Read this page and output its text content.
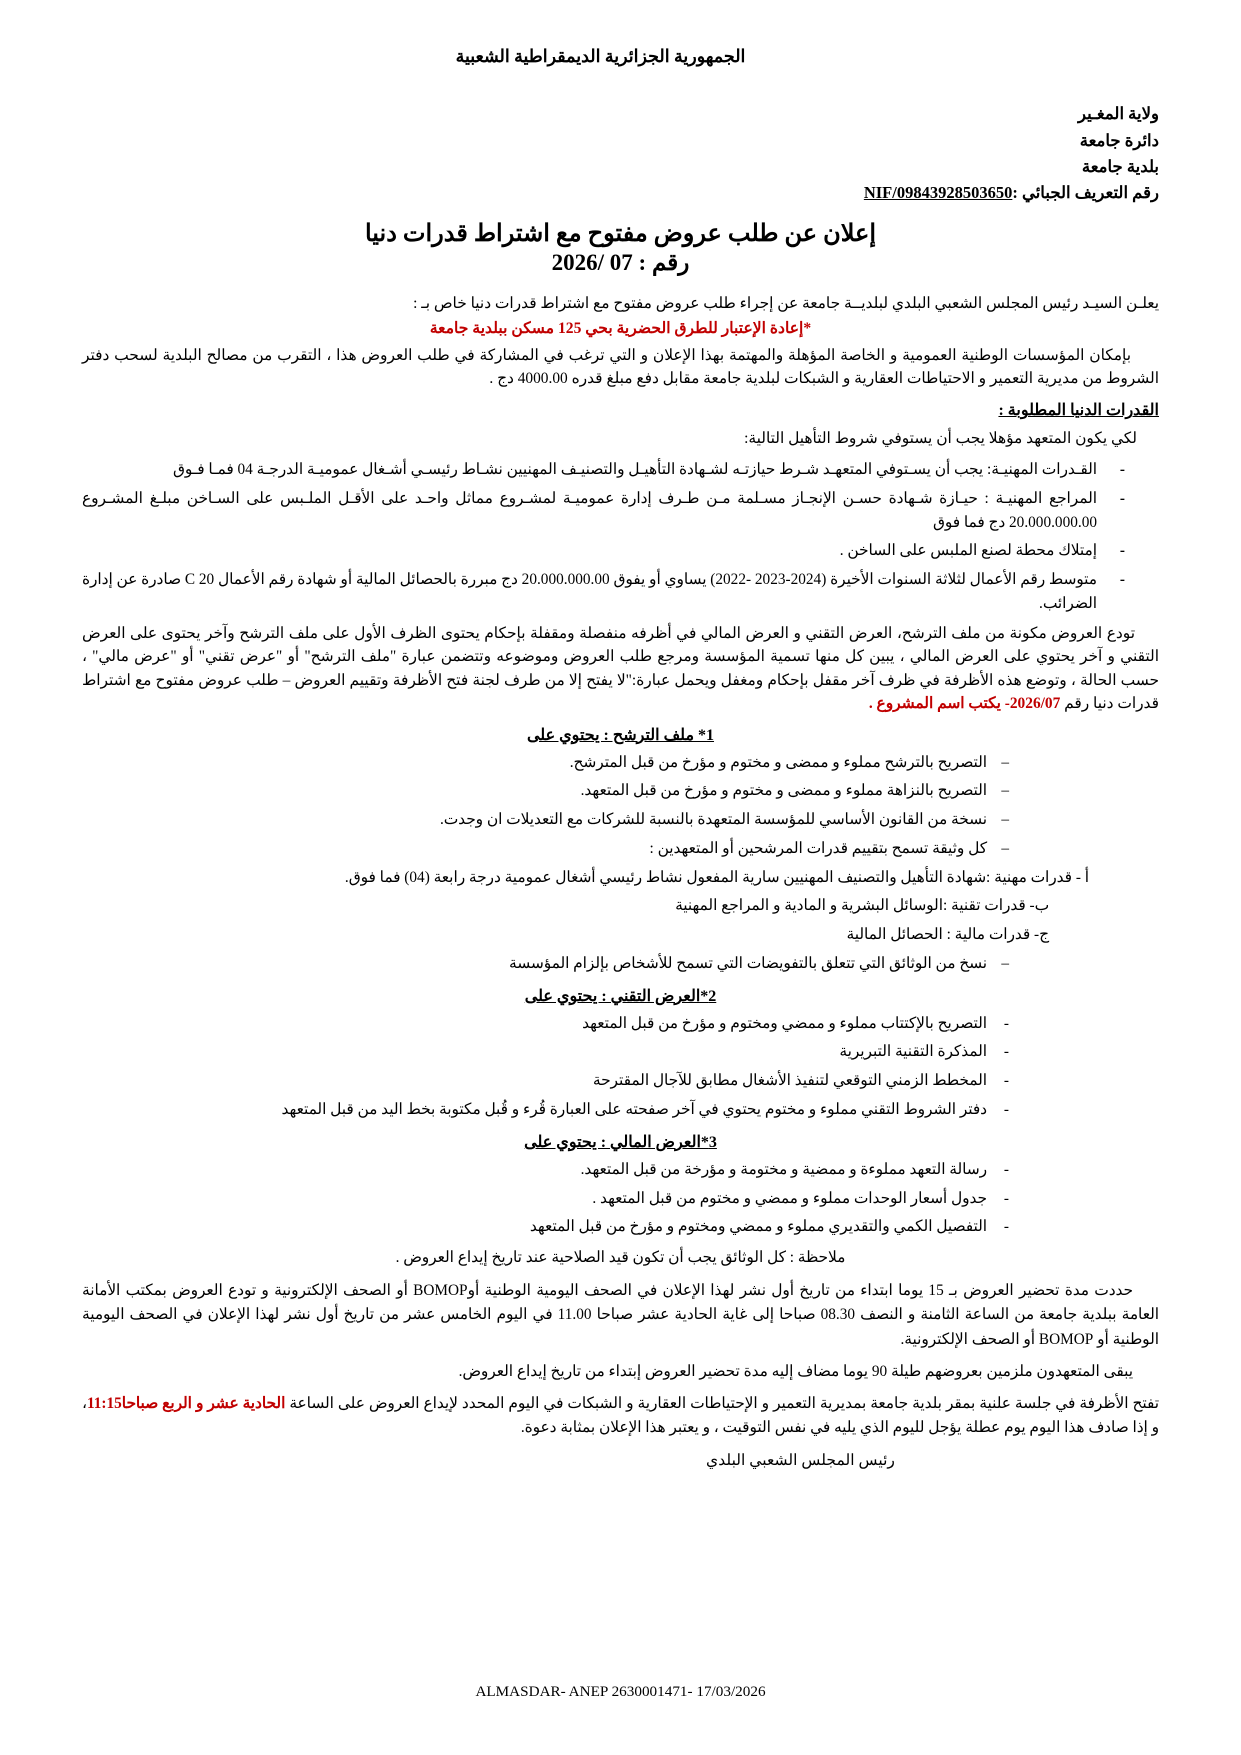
الجمهورية الجزائرية الديمقراطية الشعبية
ولاية المغـير
دائرة جامعة
بلدية جامعة
رقم التعريف الجبائي :NIF/09843928503650
إعلان عن طلب عروض مفتوح مع اشتراط قدرات دنيا
رقم : 07 /2026

يعلـن السيـد رئيس المجلس الشعبي البلدي لبلديــة جامعة عن إجراء طلب عروض مفتوح مع اشتراط قدرات دنيا خاص بـ :

*إعادة الإعتبار للطرق الحضرية بحي 125 مسكن ببلدية جامعة

بإمكان المؤسسات الوطنية العمومية و الخاصة المؤهلة والمهتمة بهذا الإعلان و التي ترغب في المشاركة في طلب العروض هذا ، التقرب من مصالح البلدية لسحب دفتر الشروط من مديرية التعمير و الاحتياطات العقارية و الشبكات لبلدية جامعة مقابل دفع مبلغ قدره 4000.00 دج .

القدرات الدنيا المطلوبة :

لكي يكون المتعهد مؤهلا يجب أن يستوفي شروط التأهيل التالية:

- القـدرات المهنيـة: يجب أن يسـتوفي المتعهـد شـرط حيازتـه لشـهادة التأهيـل والتصنيـف المهنيين نشـاط رئيسـي أشـغال عموميـة الدرجـة 04 فمـا فـوق
- المراجع المهنيـة : حيـازة شـهادة حسـن الإنجـاز مسـلمة مـن طـرف إدارة عموميـة لمشـروع مماثل واحـد على الأقـل الملـبس على السـاخن مبلـغ المشـروع 20.000.000.00 دج فما فوق
- إمتلاك محطة لصنع الملبس على الساخن .
- متوسط رقم الأعمال لثلاثة السنوات الأخيرة (2024-2023 -2022) يساوي أو يفوق 20.000.000.00 دج مبررة بالحصائل المالية أو شهادة رقم الأعمال C 20 صادرة عن إدارة الضرائب.

تودع العروض مكونة من ملف الترشح، العرض التقني و العرض المالي في أظرفه منفصلة ومقفلة بإحكام يحتوى الظرف الأول على ملف الترشح وآخر يحتوى على العرض التقني و آخر يحتوي على العرض المالي ، يبين كل منها تسمية المؤسسة ومرجع طلب العروض وموضوعه وتتضمن عبارة "ملف الترشح" أو "عرض تقني" أو "عرض مالي" ، حسب الحالة ، وتوضع هذه الأظرفة في ظرف آخر مقفل بإحكام ومغفل ويحمل عبارة:"لا يفتح إلا من طرف لجنة فتح الأظرفة وتقييم العروض – طلب عروض مفتوح مع اشتراط قدرات دنيا رقم 2026/07- يكتب اسم المشروع .

1* ملف الترشح : يحتوي على
– التصريح بالترشح مملوء و ممضى و مختوم و مؤرخ من قبل المترشح.
– التصريح بالنزاهة مملوء و ممضى و مختوم و مؤرخ من قبل المتعهد.
– نسخة من القانون الأساسي للمؤسسة المتعهدة بالنسبة للشركات مع التعديلات ان وجدت.
– كل وثيقة تسمح بتقييم قدرات المرشحين أو المتعهدين :
أ - قدرات مهنية :شهادة التأهيل والتصنيف المهنيين سارية المفعول نشاط رئيسي أشغال عمومية درجة رابعة (04) فما فوق.
ب- قدرات تقنية :الوسائل البشرية و المادية و المراجع المهنية
ج- قدرات مالية : الحصائل المالية
– نسخ من الوثائق التي تتعلق بالتفويضات التي تسمح للأشخاص بإلزام المؤسسة
2*العرض التقني : يحتوي على
- التصريح بالإكتتاب مملوء و ممضي ومختوم و مؤرخ من قبل المتعهد
- المذكرة التقنية التبريرية
- المخطط الزمني التوقعي لتنفيذ الأشغال مطابق للآجال المقترحة
- دفتر الشروط التقني مملوء و مختوم يحتوي في آخر صفحته على العبارة قُرء و قُبل مكتوبة بخط اليد من قبل المتعهد
3*العرض المالي : يحتوي على
- رسالة التعهد مملوءة و ممضية و مختومة و مؤرخة من قبل المتعهد.
- جدول أسعار الوحدات مملوء و ممضي و مختوم من قبل المتعهد .
- التفصيل الكمي والتقديري مملوء و ممضي ومختوم و مؤرخ من قبل المتعهد
ملاحظة : كل الوثائق يجب أن تكون قيد الصلاحية عند تاريخ إيداع العروض .

حددت مدة تحضير العروض بـ 15 يوما ابتداء من تاريخ أول نشر لهذا الإعلان في الصحف اليومية الوطنية أوBOMOP أو الصحف الإلكترونية و تودع العروض بمكتب الأمانة العامة ببلدية جامعة من الساعة الثامنة و النصف 08.30 صباحا إلى غاية الحادية عشر صباحا 11.00 في اليوم الخامس عشر من تاريخ أول نشر لهذا الإعلان في الصحف اليومية الوطنية أو BOMOP أو الصحف الإلكترونية.

يبقى المتعهدون ملزمين بعروضهم طيلة 90 يوما مضاف إليه مدة تحضير العروض إبتداء من تاريخ إيداع العروض.

تفتح الأظرفة في جلسة علنية بمقر بلدية جامعة بمديرية التعمير و الإحتياطات العقارية و الشبكات في اليوم المحدد لإيداع العروض على الساعة الحادية عشر و الربع صباحا11:15، و إذا صادف هذا اليوم يوم عطلة يؤجل لليوم الذي يليه في نفس التوقيت ، و يعتبر هذا الإعلان بمثابة دعوة.

رئيس المجلس الشعبي البلدي
ALMASDAR- ANEP 2630001471- 17/03/2026
